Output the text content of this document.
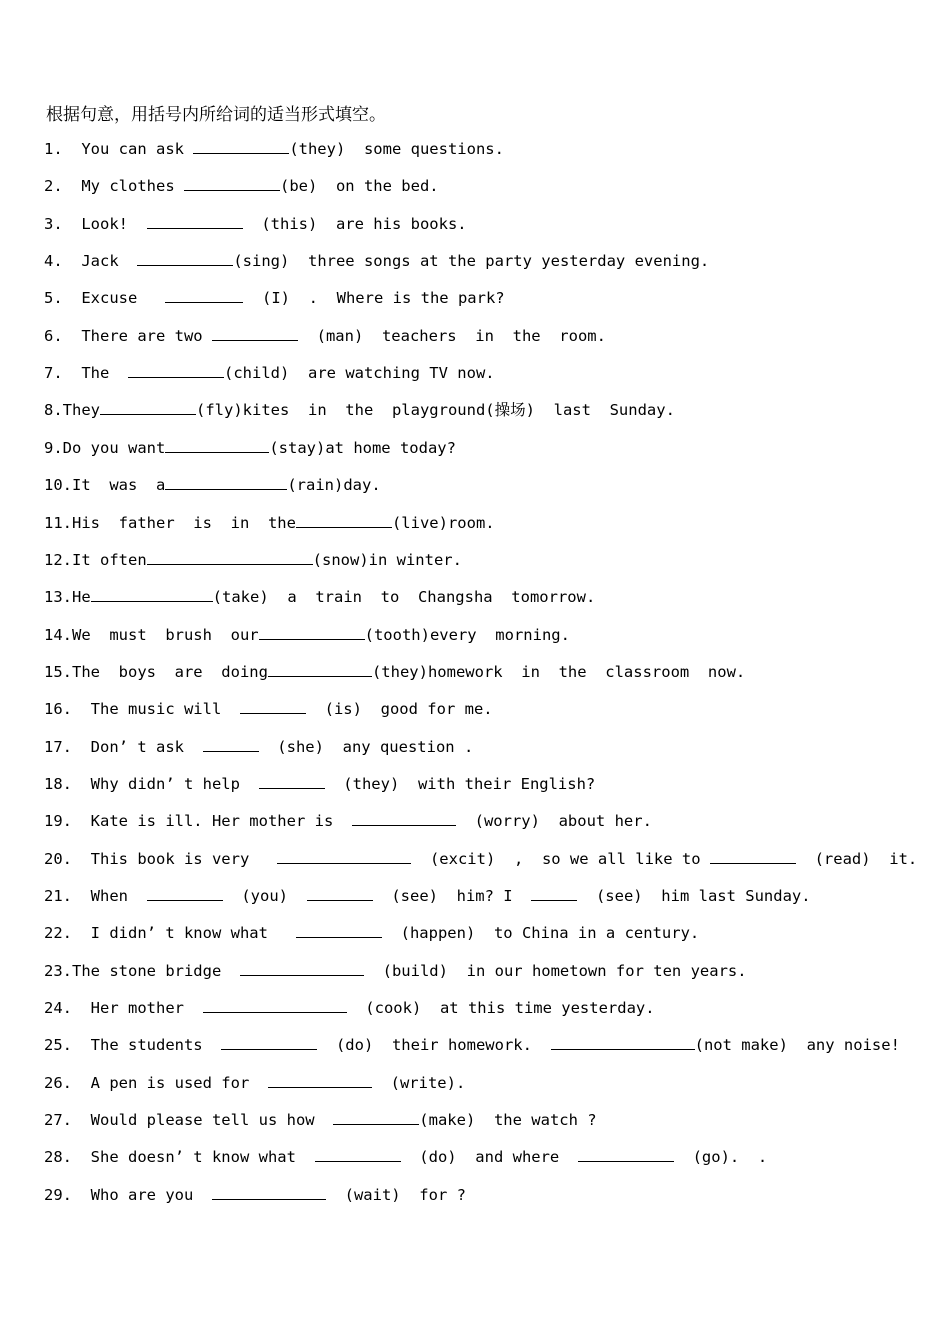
根据句意，用括号内所给词的适当形式填空。
1.  You can ask	(they)  some questions.
2.  My clothes	(be)  on the bed.
3.  Look!	(this)  are his books.
4.  Jack	(sing)  three songs at the party yesterday evening.
5.  Excuse	(I)  .  Where is the park?
6.  There are two	(man)  teachers  in  the  room.
7.  The	(child)  are watching TV now.
8.They	(fly)kites  in  the  playground(操场)  last  Sunday.
9.Do you want	(stay)at home today?
10.It  was  a	(rain)day.
11.His  father  is  in  the	(live)room.
12.It often	(snow)in winter.
13.He	(take)  a  train  to  Changsha  tomorrow.
14.We  must  brush  our	(tooth)every  morning.
15.The  boys  are  doing	(they)homework  in  the  classroom  now.
16.  The music will	(is)  good for me.
17.  Don’ t ask	(she)  any question .
18.  Why didn’ t help	(they)  with their English?
19.  Kate is ill. Her mother is	(worry)  about her.
20.  This book is very	(excit)  ,  so we all like to	(read)  it.
21.  When	(you)	(see)  him? I	(see)  him last Sunday.
22.  I didn’ t know what	(happen)  to China in a century.
23.The stone bridge	(build)  in our hometown for ten years.
24.  Her mother	(cook)  at this time yesterday.
25.  The students	(do)  their homework.	(not make)  any noise!
26.  A pen is used for	(write).
27.  Would please tell us how	(make)  the watch ?
28.  She doesn’ t know what	(do)  and where	(go).  .
29.  Who are you	(wait)  for ?
